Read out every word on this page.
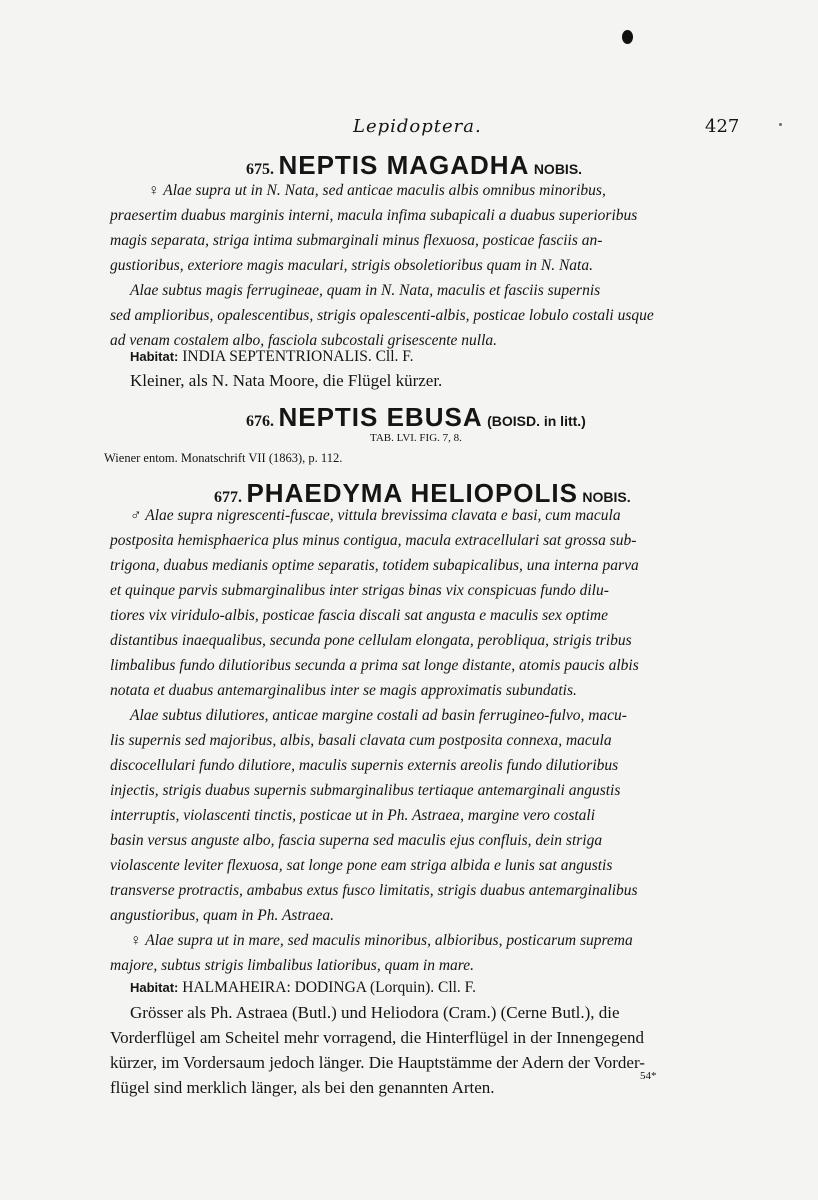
Lepidoptera.	427
675. NEPTIS MAGADHA NOBIS.
♀ Alae supra ut in N. Nata, sed anticae maculis albis omnibus minoribus,
praesertim duabus marginis interni, macula infima subapicali a duabus superioribus
magis separata, striga intima submarginali minus flexuosa, posticae fasciis an-
gustioribus, exteriore magis maculari, strigis obsoletioribus quam in N. Nata.
Alae subtus magis ferrugineae, quam in N. Nata, maculis et fasciis supernis
sed amplioribus, opalescentibus, strigis opalescenti-albis, posticae lobulo costali usque
ad venam costalem albo, fasciola subcostali grisescente nulla.
Habitat: INDIA SEPTENTRIONALIS. Cll. F.
Kleiner, als N. Nata Moore, die Flügel kürzer.
676. NEPTIS EBUSA (BOISD. in litt.)
TAB. LVI. FIG. 7, 8.
Wiener entom. Monatschrift VII (1863), p. 112.
677. PHAEDYMA HELIOPOLIS NOBIS.
♂ Alae supra nigrescenti-fuscae, vittula brevissima clavata e basi, cum macula
postposita hemisphaerica plus minus contigua, macula extracellulari sat grossa sub-
trigona, duabus medianis optime separatis, totidem subapicalibus, una interna parva
et quinque parvis submarginalibus inter strigas binas vix conspicuas fundo dilu-
tiores vix viridulo-albis, posticae fascia discali sat angusta e maculis sex optime
distantibus inaequalibus, secunda pone cellulam elongata, perobliqua, strigis tribus
limbalibus fundo dilutioribus secunda a prima sat longe distante, atomis paucis albis
notata et duabus antemarginalibus inter se magis approximatis subundatis.
Alae subtus dilutiores, anticae margine costali ad basin ferrugineo-fulvo, macu-
lis supernis sed majoribus, albis, basali clavata cum postposita connexa, macula
discocellulari fundo dilutiore, maculis supernis externis areolis fundo dilutioribus
injectis, strigis duabus supernis submarginalibus tertiaque antemarginali angustis
interruptis, violascenti tinctis, posticae ut in Ph. Astraea, margine vero costali
basin versus anguste albo, fascia superna sed maculis ejus confluis, dein striga
violascente leviter flexuosa, sat longe pone eam striga albida e lunis sat angustis
transverse protractis, ambabus extus fusco limitatis, strigis duabus antemarginalibus
angustioribus, quam in Ph. Astraea.
♀ Alae supra ut in mare, sed maculis minoribus, albioribus, posticarum suprema
majore, subtus strigis limbalibus latioribus, quam in mare.
Habitat: HALMAHEIRA: DODINGA (Lorquin). Cll. F.
Grösser als Ph. Astraea (Butl.) und Heliodora (Cram.) (Cerne Butl.), die
Vorderflügel am Scheitel mehr vorragend, die Hinterflügel in der Innengegend
kürzer, im Vordersaum jedoch länger. Die Hauptstämme der Adern der Vorder-
flügel sind merklich länger, als bei den genannten Arten.
54*
